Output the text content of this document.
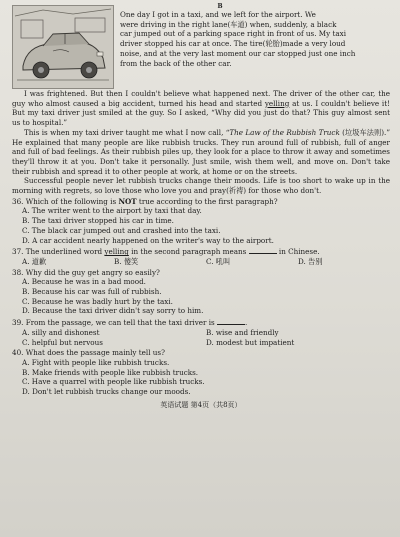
B

One day I got in a taxi, and we left for the airport. We

were driving in the right lane(车道) when, suddenly, a black

car jumped out of a parking space right in front of us. My taxi

driver stopped his car at once. The tire(轮胎)made a very loud

noise, and at the very last moment our car stopped just one inch

from the back of the other car.

I was frightened. But then I couldn't believe what happened next. The driver of the other car, the guy who almost caused a big accident, turned his head and started yelling at us. I couldn't believe it! But my taxi driver just smiled at the guy. So I asked, “Why did you just do that? This guy almost sent us to hospital.”

This is when my taxi driver taught me what I now call, “The Law of the Rubbish Truck (垃圾车法则).” He explained that many people are like rubbish trucks. They run around full of rubbish, full of anger and full of bad feelings. As their rubbish piles up, they look for a place to throw it away and sometimes they'll throw it at you. Don't take it personally. Just smile, wish them well, and move on. Don't take their rubbish and spread it to other people at work, at home or on the streets.

Successful people never let rubbish trucks change their moods. Life is too short to wake up in the morning with regrets, so love those who love you and pray(祈祷) for those who don't.

36. Which of the following is NOT true according to the first paragraph?
A. The writer went to the airport by taxi that day.
B. The taxi driver stopped his car in time.
C. The black car jumped out and crashed into the taxi.
D. A car accident nearly happened on the writer's way to the airport.
37. The underlined word yelling in the second paragraph means	in Chinese.
A. 道歉	B. 傻笑	C. 吼叫	D. 告别
38. Why did the guy get angry so easily?
A. Because he was in a bad mood.
B. Because his car was full of rubbish.
C. Because he was badly hurt by the taxi.
D. Because the taxi driver didn't say sorry to him.
39. From the passage, we can tell that the taxi driver is	.
A. silly and dishonest	B. wise and friendly
C. helpful but nervous	D. modest but impatient
40. What does the passage mainly tell us?
A. Fight with people like rubbish trucks.
B. Make friends with people like rubbish trucks.
C. Have a quarrel with people like rubbish trucks.
D. Don't let rubbish trucks change our moods.
英语试题 第4页（共8页）
